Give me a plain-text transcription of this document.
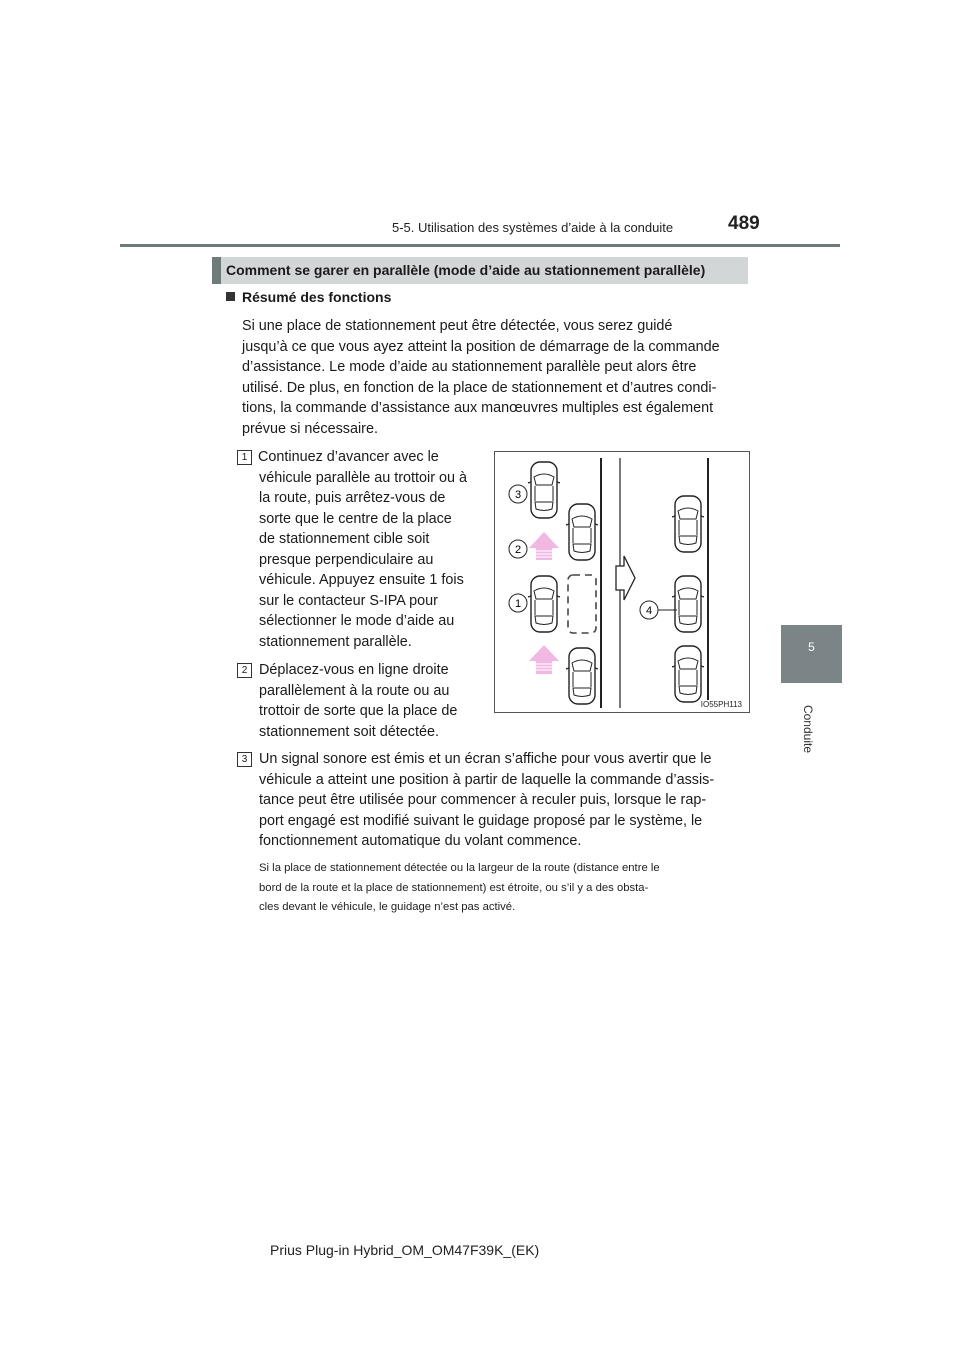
5-5. Utilisation des systèmes d’aide à la conduite	489
5
Conduite
Comment se garer en parallèle (mode d’aide au stationnement parallèle)
Résumé des fonctions
Si une place de stationnement peut être détectée, vous serez guidé
jusqu’à ce que vous ayez atteint la position de démarrage de la commande
d’assistance. Le mode d’aide au stationnement parallèle peut alors être
utilisé. De plus, en fonction de la place de stationnement et d’autres condi-
tions, la commande d’assistance aux manœuvres multiples est également
prévue si nécessaire.
1 Continuez d’avancer avec le
véhicule parallèle au trottoir ou à
la route, puis arrêtez-vous de
sorte que le centre de la place
de stationnement cible soit
presque perpendiculaire au
véhicule. Appuyez ensuite 1 fois
sur le contacteur S-IPA pour
sélectionner le mode d’aide au
stationnement parallèle.
2 Déplacez-vous en ligne droite
parallèlement à la route ou au
trottoir de sorte que la place de
stationnement soit détectée.
3 Un signal sonore est émis et un écran s’affiche pour vous avertir que le
véhicule a atteint une position à partir de laquelle la commande d’assis-
tance peut être utilisée pour commencer à reculer puis, lorsque le rap-
port engagé est modifié suivant le guidage proposé par le système, le
fonctionnement automatique du volant commence.
Si la place de stationnement détectée ou la largeur de la route (distance entre le
bord de la route et la place de stationnement) est étroite, ou s’il y a des obsta-
cles devant le véhicule, le guidage n’est pas activé.
3
2
1
4
IO55PH113
Prius Plug-in Hybrid_OM_OM47F39K_(EK)
